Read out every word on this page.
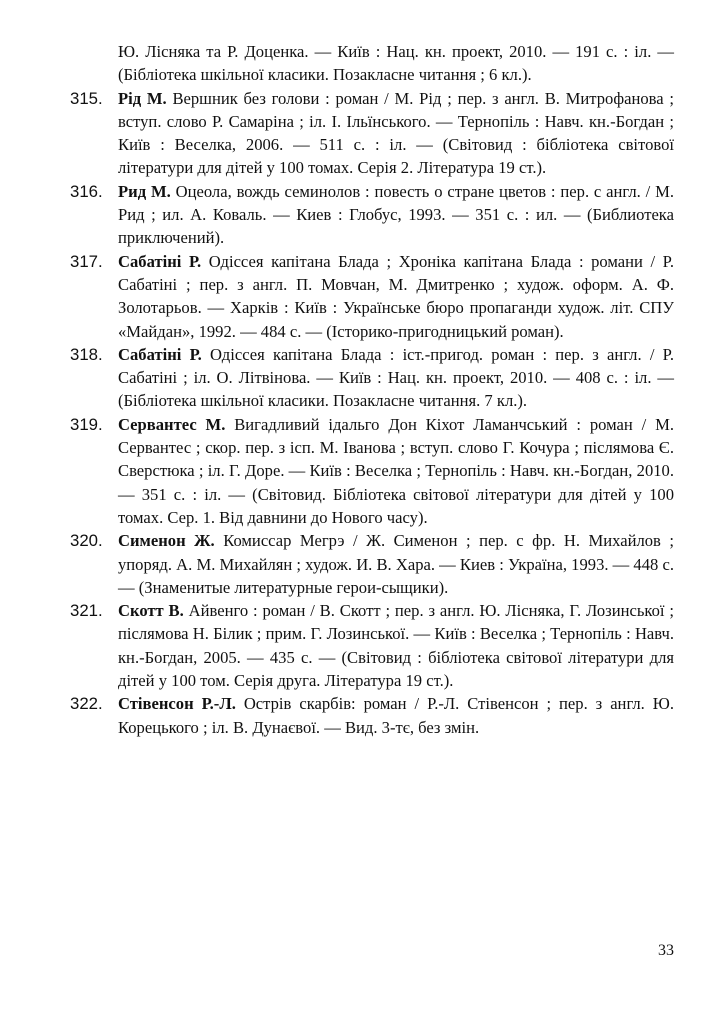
Ю. Лісняка та Р. Доценка. — Київ : Нац. кн. проект, 2010. — 191 с. : іл. — (Бібліотека шкільної класики. Позакласне читання ; 6 кл.).

315. Рід М. Вершник без голови : роман / М. Рід ; пер. з англ. В. Митрофанова ; вступ. слово Р. Самаріна ; іл. І. Ільїнського. — Тернопіль : Навч. кн.-Богдан ; Київ : Веселка, 2006. — 511 с. : іл. — (Світовид : бібліотека світової літератури для дітей у 100 томах. Серія 2. Література 19 ст.).

316. Рид М. Оцеола, вождь семинолов : повесть о стране цветов : пер. с англ. / М. Рид ; ил. А. Коваль. — Киев : Глобус, 1993. — 351 с. : ил. — (Библиотека приключений).

317. Сабатіні Р. Одіссея капітана Блада ; Хроніка капітана Блада : романи / Р. Сабатіні ; пер. з англ. П. Мовчан, М. Дмитренко ; худож. оформ. А. Ф. Золотарьов. — Харків : Київ : Українське бюро пропаганди худож. літ. СПУ «Майдан», 1992. — 484 с. — (Історико-пригодницький роман).

318. Сабатіні Р. Одіссея капітана Блада : іст.-пригод. роман : пер. з англ. / Р. Сабатіні ; іл. О. Літвінова. — Київ : Нац. кн. проект, 2010. — 408 с. : іл. — (Бібліотека шкільної класики. Позакласне читання. 7 кл.).

319. Сервантес М. Вигадливий ідальго Дон Кіхот Ламанчський : роман / М. Сервантес ; скор. пер. з ісп. М. Іванова ; вступ. слово Г. Кочура ; післямова Є. Сверстюка ; іл. Г. Доре. — Київ : Веселка ; Тернопіль : Навч. кн.-Богдан, 2010. — 351 с. : іл. — (Світовид. Бібліотека світової літератури для дітей у 100 томах. Сер. 1. Від давнини до Нового часу).

320. Сименон Ж. Комиссар Мегрэ / Ж. Сименон ; пер. с фр. Н. Михайлов ; упоряд. А. М. Михайлян ; худож. И. В. Хара. — Киев : Україна, 1993. — 448 с. — (Знаменитые литературные герои-сыщики).

321. Скотт В. Айвенго : роман / В. Скотт ; пер. з англ. Ю. Лісняка, Г. Лозинської ; післямова Н. Білик ; прим. Г. Лозинської. — Київ : Веселка ; Тернопіль : Навч. кн.-Богдан, 2005. — 435 с. — (Світовид : бібліотека світової літератури для дітей у 100 том. Серія друга. Література 19 ст.).

322. Стівенсон Р.-Л. Острів скарбів: роман / Р.-Л. Стівенсон ; пер. з англ. Ю. Корецького ; іл. В. Дунаєвої. — Вид. 3-тє, без змін.

33
